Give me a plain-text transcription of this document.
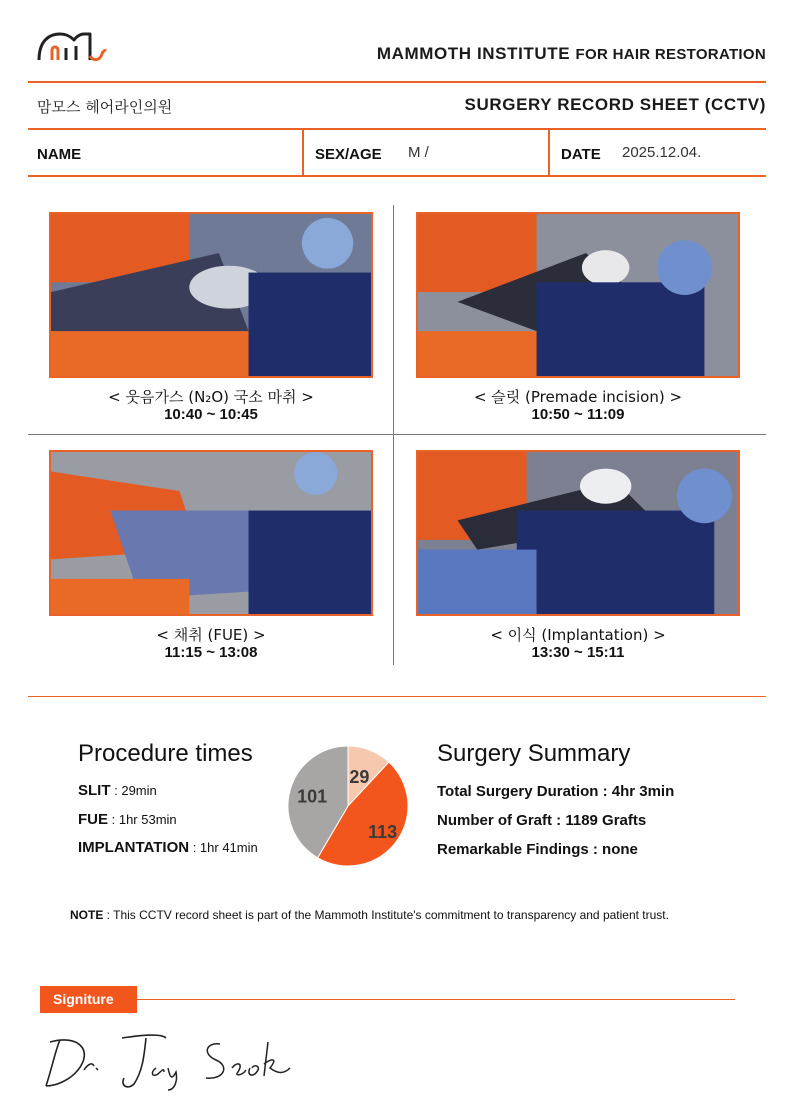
MAMMOTH INSTITUTE FOR HAIR RESTORATION
맘모스 헤어라인의원	SURGERY RECORD SHEET (CCTV)
NAME	SEX/AGE M /	DATE 2025.12.04.
< 웃음가스 (N₂O) 국소 마취 >
10:40 ~ 10:45
< 슬릿 (Premade incision) >
10:50 ~ 11:09
< 채취 (FUE) >
11:15 ~ 13:08
< 이식 (Implantation) >
13:30 ~ 15:11
Procedure times
SLIT : 29min
FUE : 1hr 53min
IMPLANTATION : 1hr 41min
29
113
101
Surgery Summary
Total Surgery Duration : 4hr 3min
Number of Graft : 1189 Grafts
Remarkable Findings : none
NOTE : This CCTV record sheet is part of the Mammoth Institute's commitment to transparency and patient trust.
Signiture
